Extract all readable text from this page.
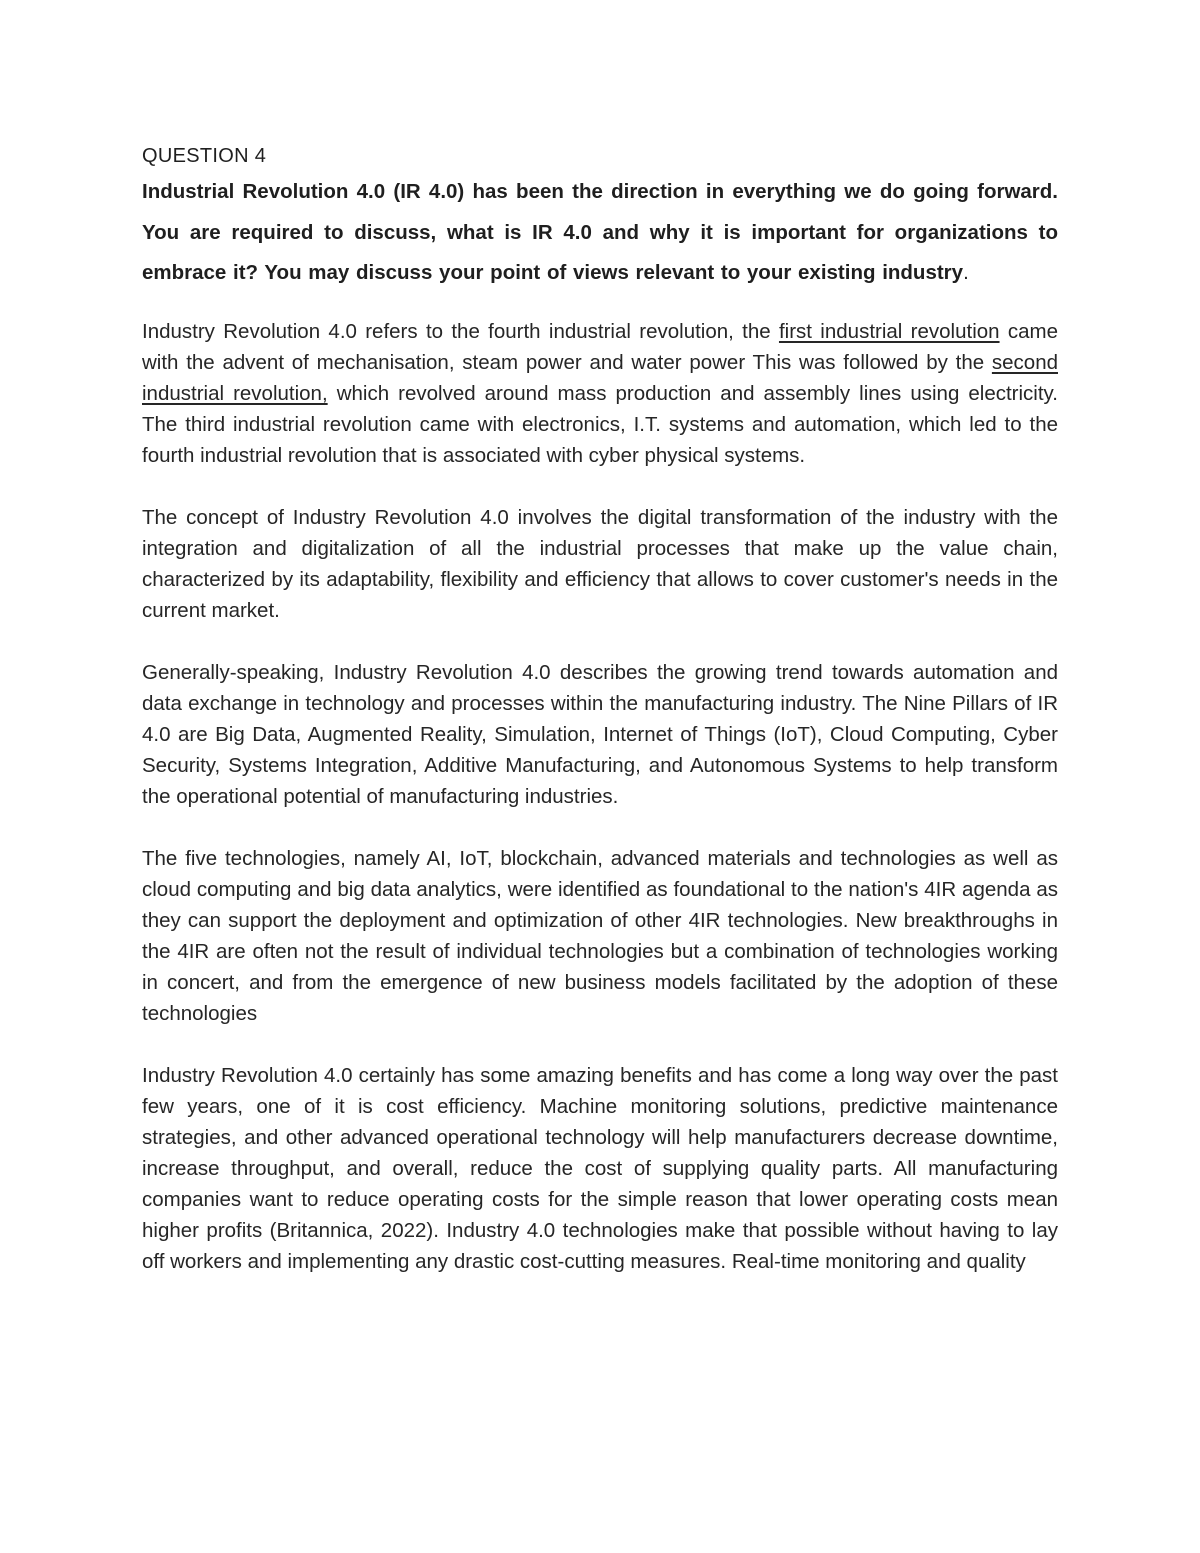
QUESTION 4

Industrial Revolution 4.0 (IR 4.0) has been the direction in everything we do going forward. You are required to discuss, what is IR 4.0 and why it is important for organizations to embrace it? You may discuss your point of views relevant to your existing industry.

Industry Revolution 4.0 refers to the fourth industrial revolution, the first industrial revolution came with the advent of mechanisation, steam power and water power This was followed by the second industrial revolution, which revolved around mass production and assembly lines using electricity. The third industrial revolution came with electronics, I.T. systems and automation, which led to the fourth industrial revolution that is associated with cyber physical systems.

The concept of Industry Revolution 4.0 involves the digital transformation of the industry with the integration and digitalization of all the industrial processes that make up the value chain, characterized by its adaptability, flexibility and efficiency that allows to cover customer's needs in the current market.

Generally-speaking, Industry Revolution 4.0 describes the growing trend towards automation and data exchange in technology and processes within the manufacturing industry. The Nine Pillars of IR 4.0 are Big Data, Augmented Reality, Simulation, Internet of Things (IoT), Cloud Computing, Cyber Security, Systems Integration, Additive Manufacturing, and Autonomous Systems to help transform the operational potential of manufacturing industries.

The five technologies, namely AI, IoT, blockchain, advanced materials and technologies as well as cloud computing and big data analytics, were identified as foundational to the nation's 4IR agenda as they can support the deployment and optimization of other 4IR technologies. New breakthroughs in the 4IR are often not the result of individual technologies but a combination of technologies working in concert, and from the emergence of new business models facilitated by the adoption of these technologies

Industry Revolution 4.0 certainly has some amazing benefits and has come a long way over the past few years, one of it is cost efficiency. Machine monitoring solutions, predictive maintenance strategies, and other advanced operational technology will help manufacturers decrease downtime, increase throughput, and overall, reduce the cost of supplying quality parts. All manufacturing companies want to reduce operating costs for the simple reason that lower operating costs mean higher profits (Britannica, 2022). Industry 4.0 technologies make that possible without having to lay off workers and implementing any drastic cost-cutting measures. Real-time monitoring and quality
